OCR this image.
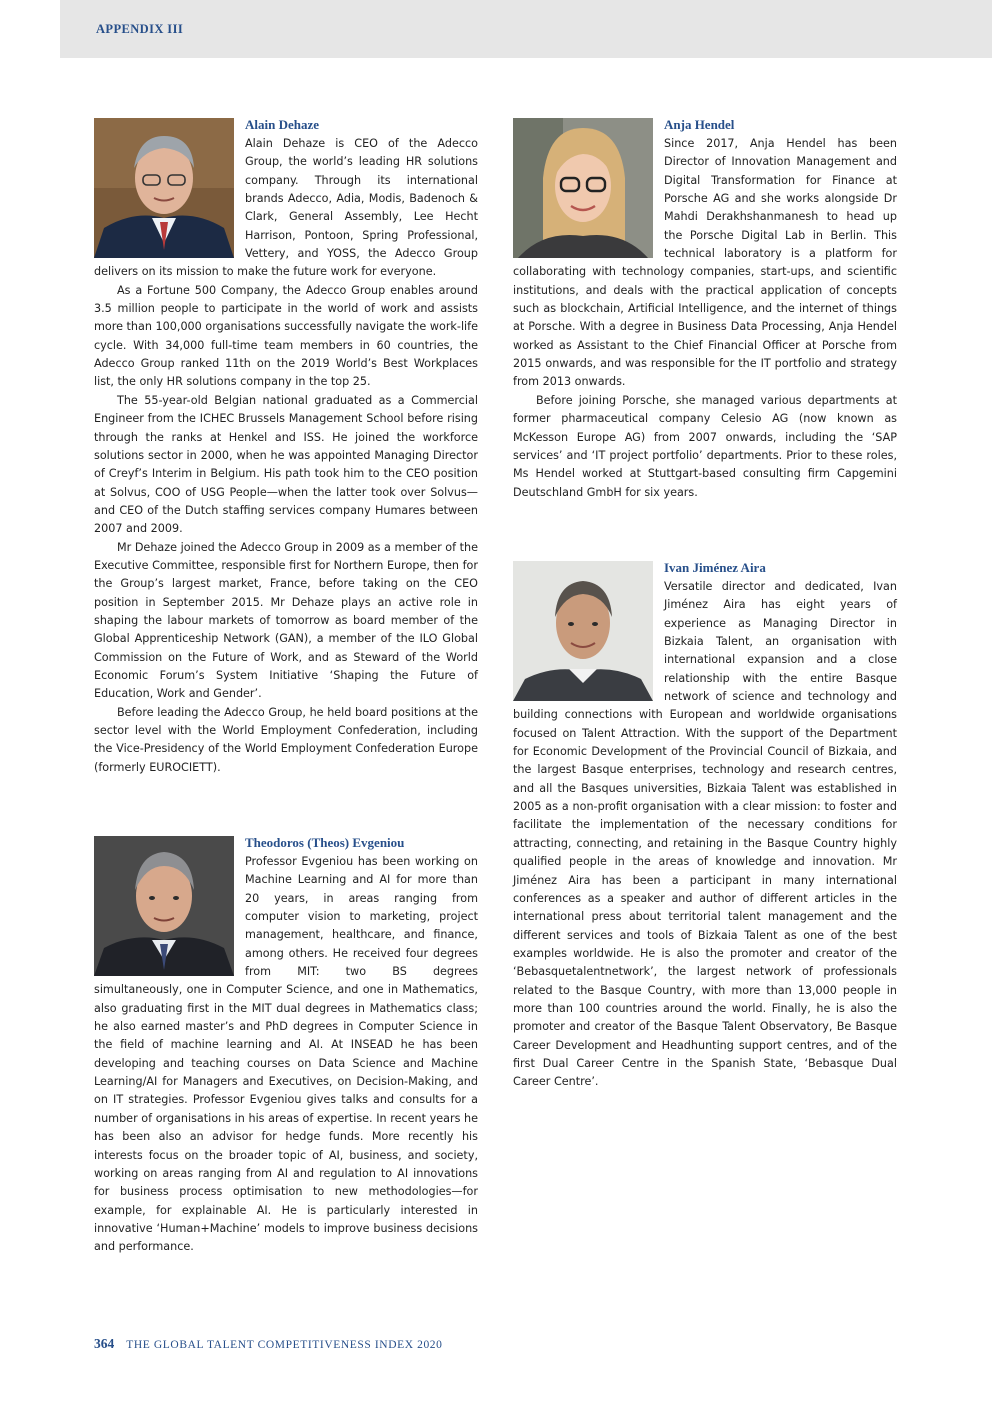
APPENDIX III
Alain Dehaze

Alain Dehaze is CEO of the Adecco Group, the world’s leading HR solutions company. Through its international brands Adecco, Adia, Modis, Badenoch & Clark, General Assembly, Lee Hecht Harrison, Pontoon, Spring Professional, Vettery, and YOSS, the Adecco Group delivers on its mission to make the future work for everyone.

As a Fortune 500 Company, the Adecco Group enables around 3.5 million people to participate in the world of work and assists more than 100,000 organisations successfully navigate the work-life cycle. With 34,000 full-time team members in 60 countries, the Adecco Group ranked 11th on the 2019 World’s Best Workplaces list, the only HR solutions company in the top 25.

The 55-year-old Belgian national graduated as a Commercial Engineer from the ICHEC Brussels Management School before rising through the ranks at Henkel and ISS. He joined the workforce solutions sector in 2000, when he was appointed Managing Director of Creyf’s Interim in Belgium. His path took him to the CEO position at Solvus, COO of USG People—when the latter took over Solvus—and CEO of the Dutch staffing services company Humares between 2007 and 2009.

Mr Dehaze joined the Adecco Group in 2009 as a member of the Executive Committee, responsible first for Northern Europe, then for the Group’s largest market, France, before taking on the CEO position in September 2015. Mr Dehaze plays an active role in shaping the labour markets of tomorrow as board member of the Global Apprenticeship Network (GAN), a member of the ILO Global Commission on the Future of Work, and as Steward of the World Economic Forum’s System Initiative ‘Shaping the Future of Education, Work and Gender’.

Before leading the Adecco Group, he held board positions at the sector level with the World Employment Confederation, including the Vice-Presidency of the World Employment Confederation Europe (formerly EUROCIETT).

Anja Hendel

Since 2017, Anja Hendel has been Director of Innovation Management and Digital Transformation for Finance at Porsche AG and she works alongside Dr Mahdi Derakhshanmanesh to head up the Porsche Digital Lab in Berlin. This technical laboratory is a platform for collaborating with technology companies, start-ups, and scientific institutions, and deals with the practical application of concepts such as blockchain, Artificial Intelligence, and the internet of things at Porsche. With a degree in Business Data Processing, Anja Hendel worked as Assistant to the Chief Financial Officer at Porsche from 2015 onwards, and was responsible for the IT portfolio and strategy from 2013 onwards.

Before joining Porsche, she managed various departments at former pharmaceutical company Celesio AG (now known as McKesson Europe AG) from 2007 onwards, including the ‘SAP services’ and ‘IT project portfolio’ departments. Prior to these roles, Ms Hendel worked at Stuttgart-based consulting firm Capgemini Deutschland GmbH for six years.

Ivan Jiménez Aira

Versatile director and dedicated, Ivan Jiménez Aira has eight years of experience as Managing Director in Bizkaia Talent, an organisation with international expansion and a close relationship with the entire Basque network of science and technology and building connections with European and worldwide organisations focused on Talent Attraction. With the support of the Department for Economic Development of the Provincial Council of Bizkaia, and the largest Basque enterprises, technology and research centres, and all the Basques universities, Bizkaia Talent was established in 2005 as a non-profit organisation with a clear mission: to foster and facilitate the implementation of the necessary conditions for attracting, connecting, and retaining in the Basque Country highly qualified people in the areas of knowledge and innovation. Mr Jiménez Aira has been a participant in many international conferences as a speaker and author of different articles in the international press about territorial talent management and the different services and tools of Bizkaia Talent as one of the best examples worldwide. He is also the promoter and creator of the ‘Bebasquetalentnetwork’, the largest network of professionals related to the Basque Country, with more than 13,000 people in more than 100 countries around the world. Finally, he is also the promoter and creator of the Basque Talent Observatory, Be Basque Career Development and Headhunting support centres, and of the first Dual Career Centre in the Spanish State, ‘Bebasque Dual Career Centre’.

Theodoros (Theos) Evgeniou

Professor Evgeniou has been working on Machine Learning and AI for more than 20 years, in areas ranging from computer vision to marketing, project management, healthcare, and finance, among others. He received four degrees from MIT: two BS degrees simultaneously, one in Computer Science, and one in Mathematics, also graduating first in the MIT dual degrees in Mathematics class; he also earned master’s and PhD degrees in Computer Science in the field of machine learning and AI. At INSEAD he has been developing and teaching courses on Data Science and Machine Learning/AI for Managers and Executives, on Decision-Making, and on IT strategies. Professor Evgeniou gives talks and consults for a number of organisations in his areas of expertise. In recent years he has been also an advisor for hedge funds. More recently his interests focus on the broader topic of AI, business, and society, working on areas ranging from AI and regulation to AI innovations for business process optimisation to new methodologies—for example, for explainable AI. He is particularly interested in innovative ‘Human+Machine’ models to improve business decisions and performance.

364 THE GLOBAL TALENT COMPETITIVENESS INDEX 2020
